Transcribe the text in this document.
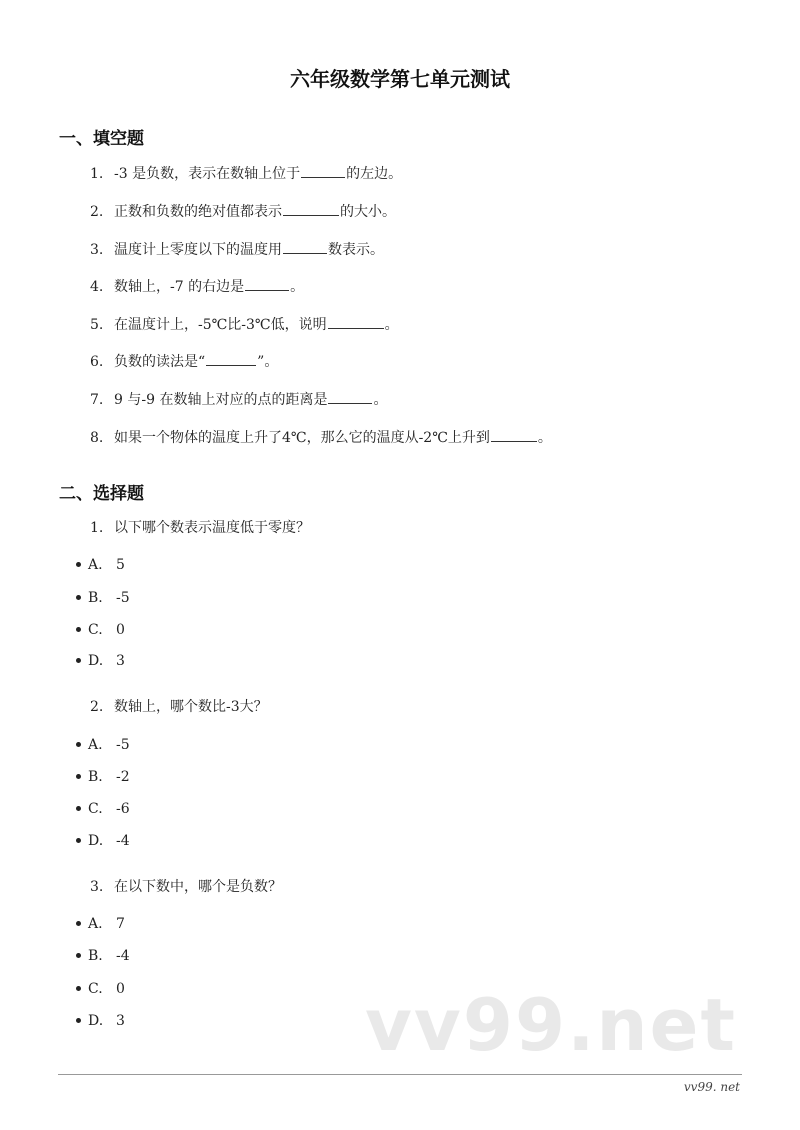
六年级数学第七单元测试
一、填空题
1. -3 是负数，表示在数轴上位于	的左边。
2. 正数和负数的绝对值都表示	的大小。
3. 温度计上零度以下的温度用	数表示。
4. 数轴上，-7 的右边是	。
5. 在温度计上，-5℃比-3℃低，说明	。
6. 负数的读法是“	”。
7. 9 与-9 在数轴上对应的点的距离是	。
8. 如果一个物体的温度上升了4℃，那么它的温度从-2℃上升到	。
二、选择题
1. 以下哪个数表示温度低于零度？
A. 5
B. -5
C. 0
D. 3
2. 数轴上，哪个数比-3大？
A. -5
B. -2
C. -6
D. -4
3. 在以下数中，哪个是负数？
A. 7
B. -4
C. 0
D. 3	vv99.net
vv99. net
